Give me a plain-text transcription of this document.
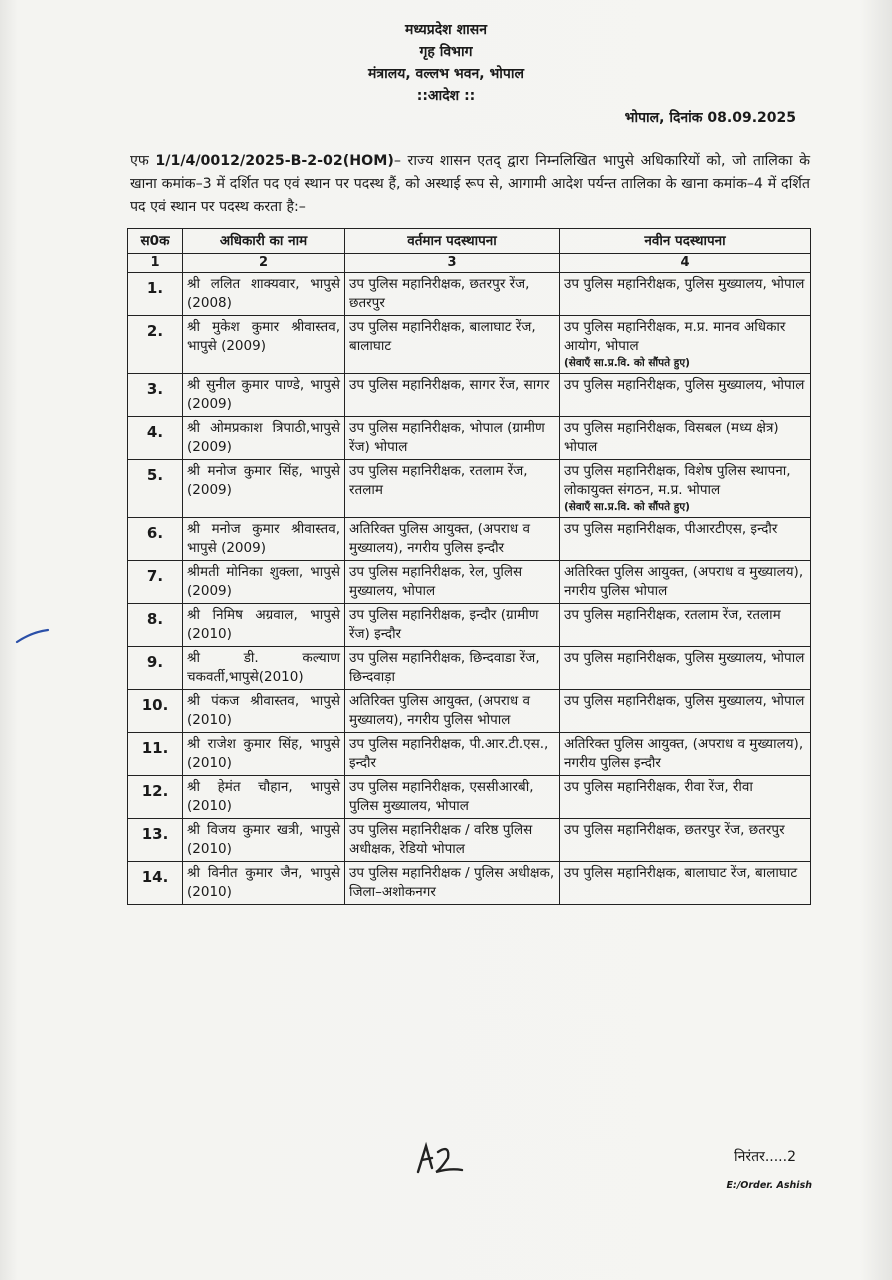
मध्यप्रदेश शासन
गृह विभाग
मंत्रालय, वल्लभ भवन, भोपाल
::आदेश ::
भोपाल, दिनांक 08.09.2025
एफ 1/1/4/0012/2025-B-2-02(HOM)– राज्य शासन एतद् द्वारा निम्नलिखित भापुसे अधिकारियों को, जो तालिका के खाना कमांक–3 में दर्शित पद एवं स्थान पर पदस्थ हैं, को अस्थाई रूप से, आगामी आदेश पर्यन्त तालिका के खाना कमांक–4 में दर्शित पद एवं स्थान पर पदस्थ करता है:–
स0क	अधिकारी का नाम	वर्तमान पदस्थापना	नवीन पदस्थापना
1	2	3	4
1.	श्री ललित शाक्यवार, भापुसे (2008)	उप पुलिस महानिरीक्षक, छतरपुर रेंज, छतरपुर	उप पुलिस महानिरीक्षक, पुलिस मुख्यालय, भोपाल
2.	श्री मुकेश कुमार श्रीवास्तव, भापुसे (2009)	उप पुलिस महानिरीक्षक, बालाघाट रेंज, बालाघाट	उप पुलिस महानिरीक्षक, म.प्र. मानव अधिकार आयोग, भोपाल
(सेवाएँ सा.प्र.वि. को सौंपते हुए)

3.	श्री सुनील कुमार पाण्डे, भापुसे (2009)	उप पुलिस महानिरीक्षक, सागर रेंज, सागर	उप पुलिस महानिरीक्षक, पुलिस मुख्यालय, भोपाल
4.	श्री ओमप्रकाश त्रिपाठी,भापुसे (2009)	उप पुलिस महानिरीक्षक, भोपाल (ग्रामीण रेंज) भोपाल	उप पुलिस महानिरीक्षक, विसबल (मध्य क्षेत्र) भोपाल
5.	श्री मनोज कुमार सिंह, भापुसे (2009)	उप पुलिस महानिरीक्षक, रतलाम रेंज, रतलाम	उप पुलिस महानिरीक्षक, विशेष पुलिस स्थापना, लोकायुक्त संगठन, म.प्र. भोपाल
(सेवाएँ सा.प्र.वि. को सौंपते हुए)

6.	श्री मनोज कुमार श्रीवास्तव, भापुसे (2009)	अतिरिक्त पुलिस आयुक्त, (अपराध व मुख्यालय), नगरीय पुलिस इन्दौर	उप पुलिस महानिरीक्षक, पीआरटीएस, इन्दौर
7.	श्रीमती मोनिका शुक्ला, भापुसे (2009)	उप पुलिस महानिरीक्षक, रेल, पुलिस मुख्यालय, भोपाल	अतिरिक्त पुलिस आयुक्त, (अपराध व मुख्यालय), नगरीय पुलिस भोपाल
8.	श्री निमिष अग्रवाल, भापुसे (2010)	उप पुलिस महानिरीक्षक, इन्दौर (ग्रामीण रेंज) इन्दौर	उप पुलिस महानिरीक्षक, रतलाम रेंज, रतलाम
9.	श्री डी. कल्याण चकवर्ती,भापुसे(2010)	उप पुलिस महानिरीक्षक, छिन्दवाडा रेंज, छिन्दवाड़ा	उप पुलिस महानिरीक्षक, पुलिस मुख्यालय, भोपाल
10.	श्री पंकज श्रीवास्तव, भापुसे (2010)	अतिरिक्त पुलिस आयुक्त, (अपराध व मुख्यालय), नगरीय पुलिस भोपाल	उप पुलिस महानिरीक्षक, पुलिस मुख्यालय, भोपाल
11.	श्री राजेश कुमार सिंह, भापुसे (2010)	उप पुलिस महानिरीक्षक, पी.आर.टी.एस., इन्दौर	अतिरिक्त पुलिस आयुक्त, (अपराध व मुख्यालय), नगरीय पुलिस इन्दौर
12.	श्री हेमंत चौहान, भापुसे (2010)	उप पुलिस महानिरीक्षक, एससीआरबी, पुलिस मुख्यालय, भोपाल	उप पुलिस महानिरीक्षक, रीवा रेंज, रीवा
13.	श्री विजय कुमार खत्री, भापुसे (2010)	उप पुलिस महानिरीक्षक / वरिष्ठ पुलिस अधीक्षक, रेडियो भोपाल	उप पुलिस महानिरीक्षक, छतरपुर रेंज, छतरपुर
14.	श्री विनीत कुमार जैन, भापुसे (2010)	उप पुलिस महानिरीक्षक / पुलिस अधीक्षक, जिला–अशोकनगर	उप पुलिस महानिरीक्षक, बालाघाट रेंज, बालाघाट
निरंतर.....2
E:/Order. Ashish
